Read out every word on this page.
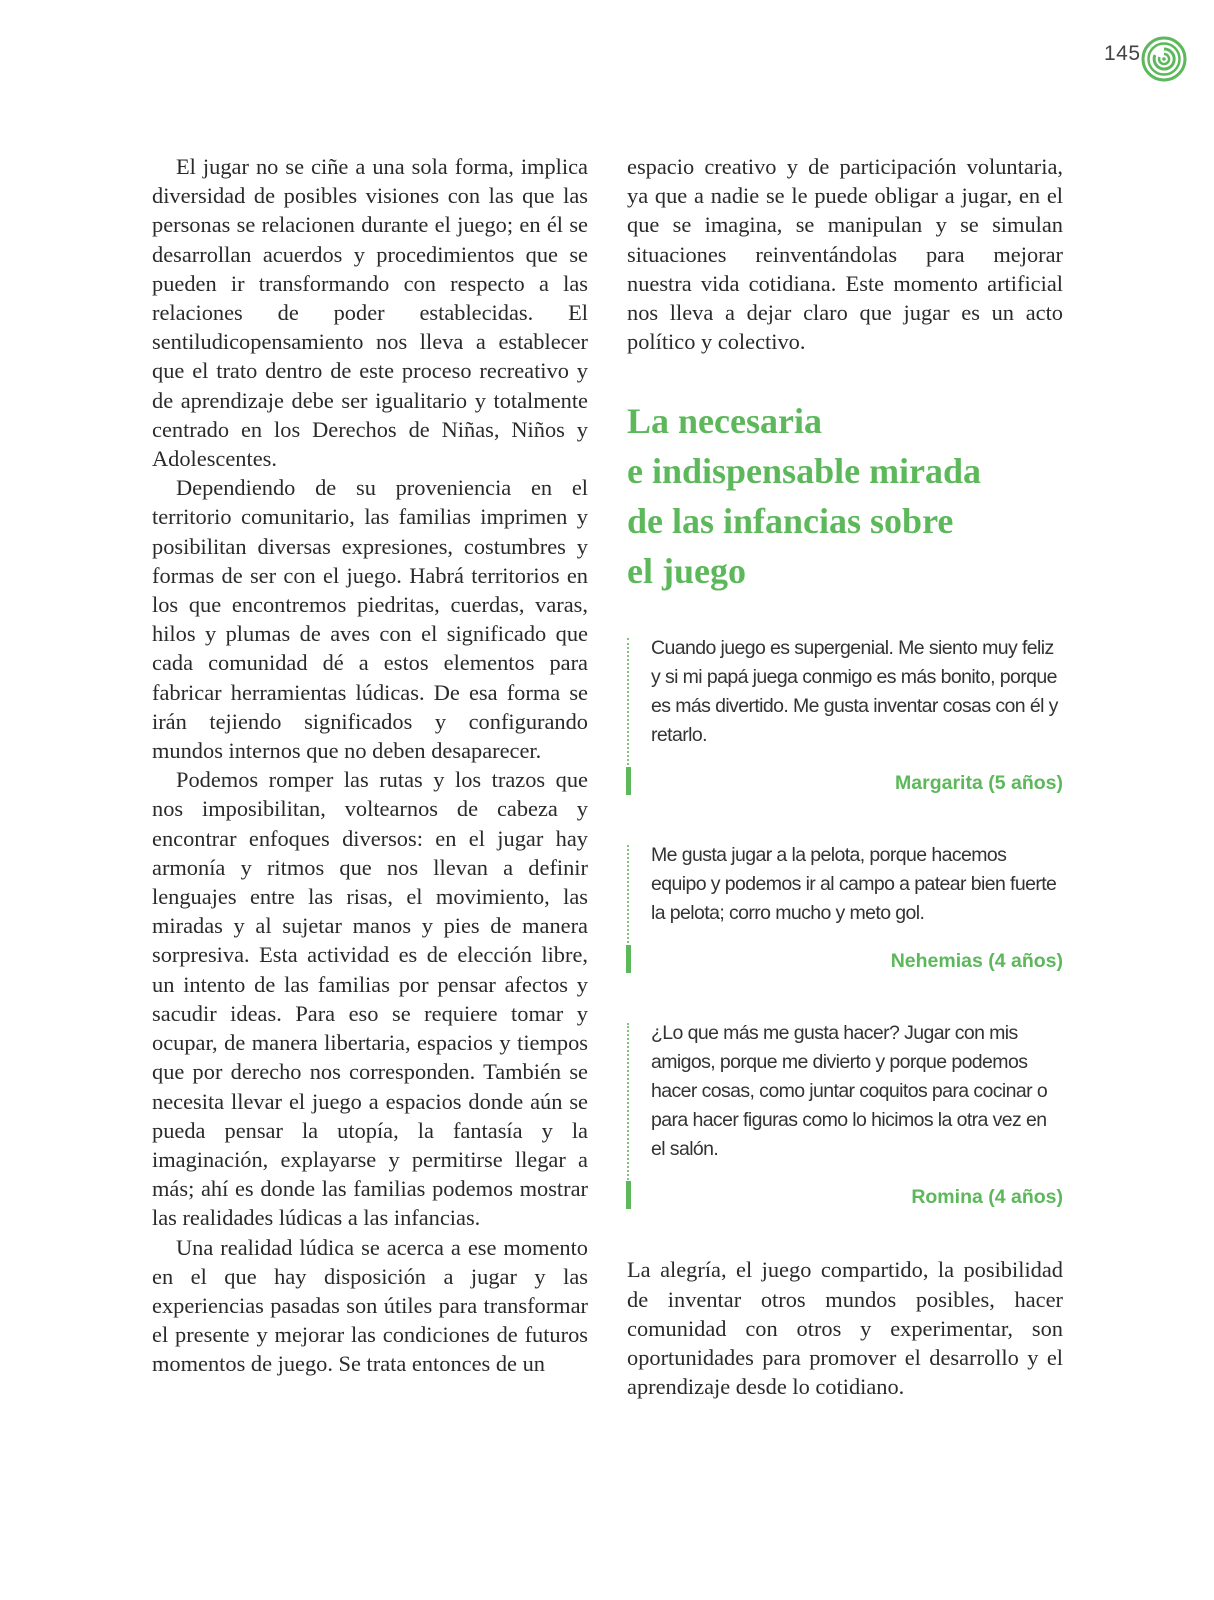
145

El jugar no se ciñe a una sola forma, implica diversidad de posibles visiones con las que las personas se relacionen durante el juego; en él se desarrollan acuerdos y procedimientos que se pueden ir transformando con respecto a las relaciones de poder establecidas. El sentiludicopensamiento nos lleva a establecer que el trato dentro de este proceso recreativo y de aprendizaje debe ser igualitario y totalmente centrado en los Derechos de Niñas, Niños y Adolescentes.

Dependiendo de su proveniencia en el territorio comunitario, las familias imprimen y posibilitan diversas expresiones, costumbres y formas de ser con el juego. Habrá territorios en los que encontremos piedritas, cuerdas, varas, hilos y plumas de aves con el significado que cada comunidad dé a estos elementos para fabricar herramientas lúdicas. De esa forma se irán tejiendo significados y configurando mundos internos que no deben desaparecer.

Podemos romper las rutas y los trazos que nos imposibilitan, voltearnos de cabeza y encontrar enfoques diversos: en el jugar hay armonía y ritmos que nos llevan a definir lenguajes entre las risas, el movimiento, las miradas y al sujetar manos y pies de manera sorpresiva. Esta actividad es de elección libre, un intento de las familias por pensar afectos y sacudir ideas. Para eso se requiere tomar y ocupar, de manera libertaria, espacios y tiempos que por derecho nos corresponden. También se necesita llevar el juego a espacios donde aún se pueda pensar la utopía, la fantasía y la imaginación, explayarse y permitirse llegar a más; ahí es donde las familias podemos mostrar las realidades lúdicas a las infancias.

Una realidad lúdica se acerca a ese momento en el que hay disposición a jugar y las experiencias pasadas son útiles para transformar el presente y mejorar las condiciones de futuros momentos de juego. Se trata entonces de un

espacio creativo y de participación voluntaria, ya que a nadie se le puede obligar a jugar, en el que se imagina, se manipulan y se simulan situaciones reinventándolas para mejorar nuestra vida cotidiana. Este momento artificial nos lleva a dejar claro que jugar es un acto político y colectivo.

La necesaria
e indispensable mirada
de las infancias sobre
el juego

Cuando juego es supergenial. Me siento muy feliz y si mi papá juega conmigo es más bonito, porque es más divertido. Me gusta inventar cosas con él y retarlo.

Margarita (5 años)

Me gusta jugar a la pelota, porque hacemos equipo y podemos ir al campo a patear bien fuerte la pelota; corro mucho y meto gol.

Nehemias (4 años)

¿Lo que más me gusta hacer? Jugar con mis amigos, porque me divierto y porque podemos hacer cosas, como juntar coquitos para cocinar o para hacer figuras como lo hicimos la otra vez en el salón.

Romina (4 años)

La alegría, el juego compartido, la posibilidad de inventar otros mundos posibles, hacer comunidad con otros y experimentar, son oportunidades para promover el desarrollo y el aprendizaje desde lo cotidiano.
